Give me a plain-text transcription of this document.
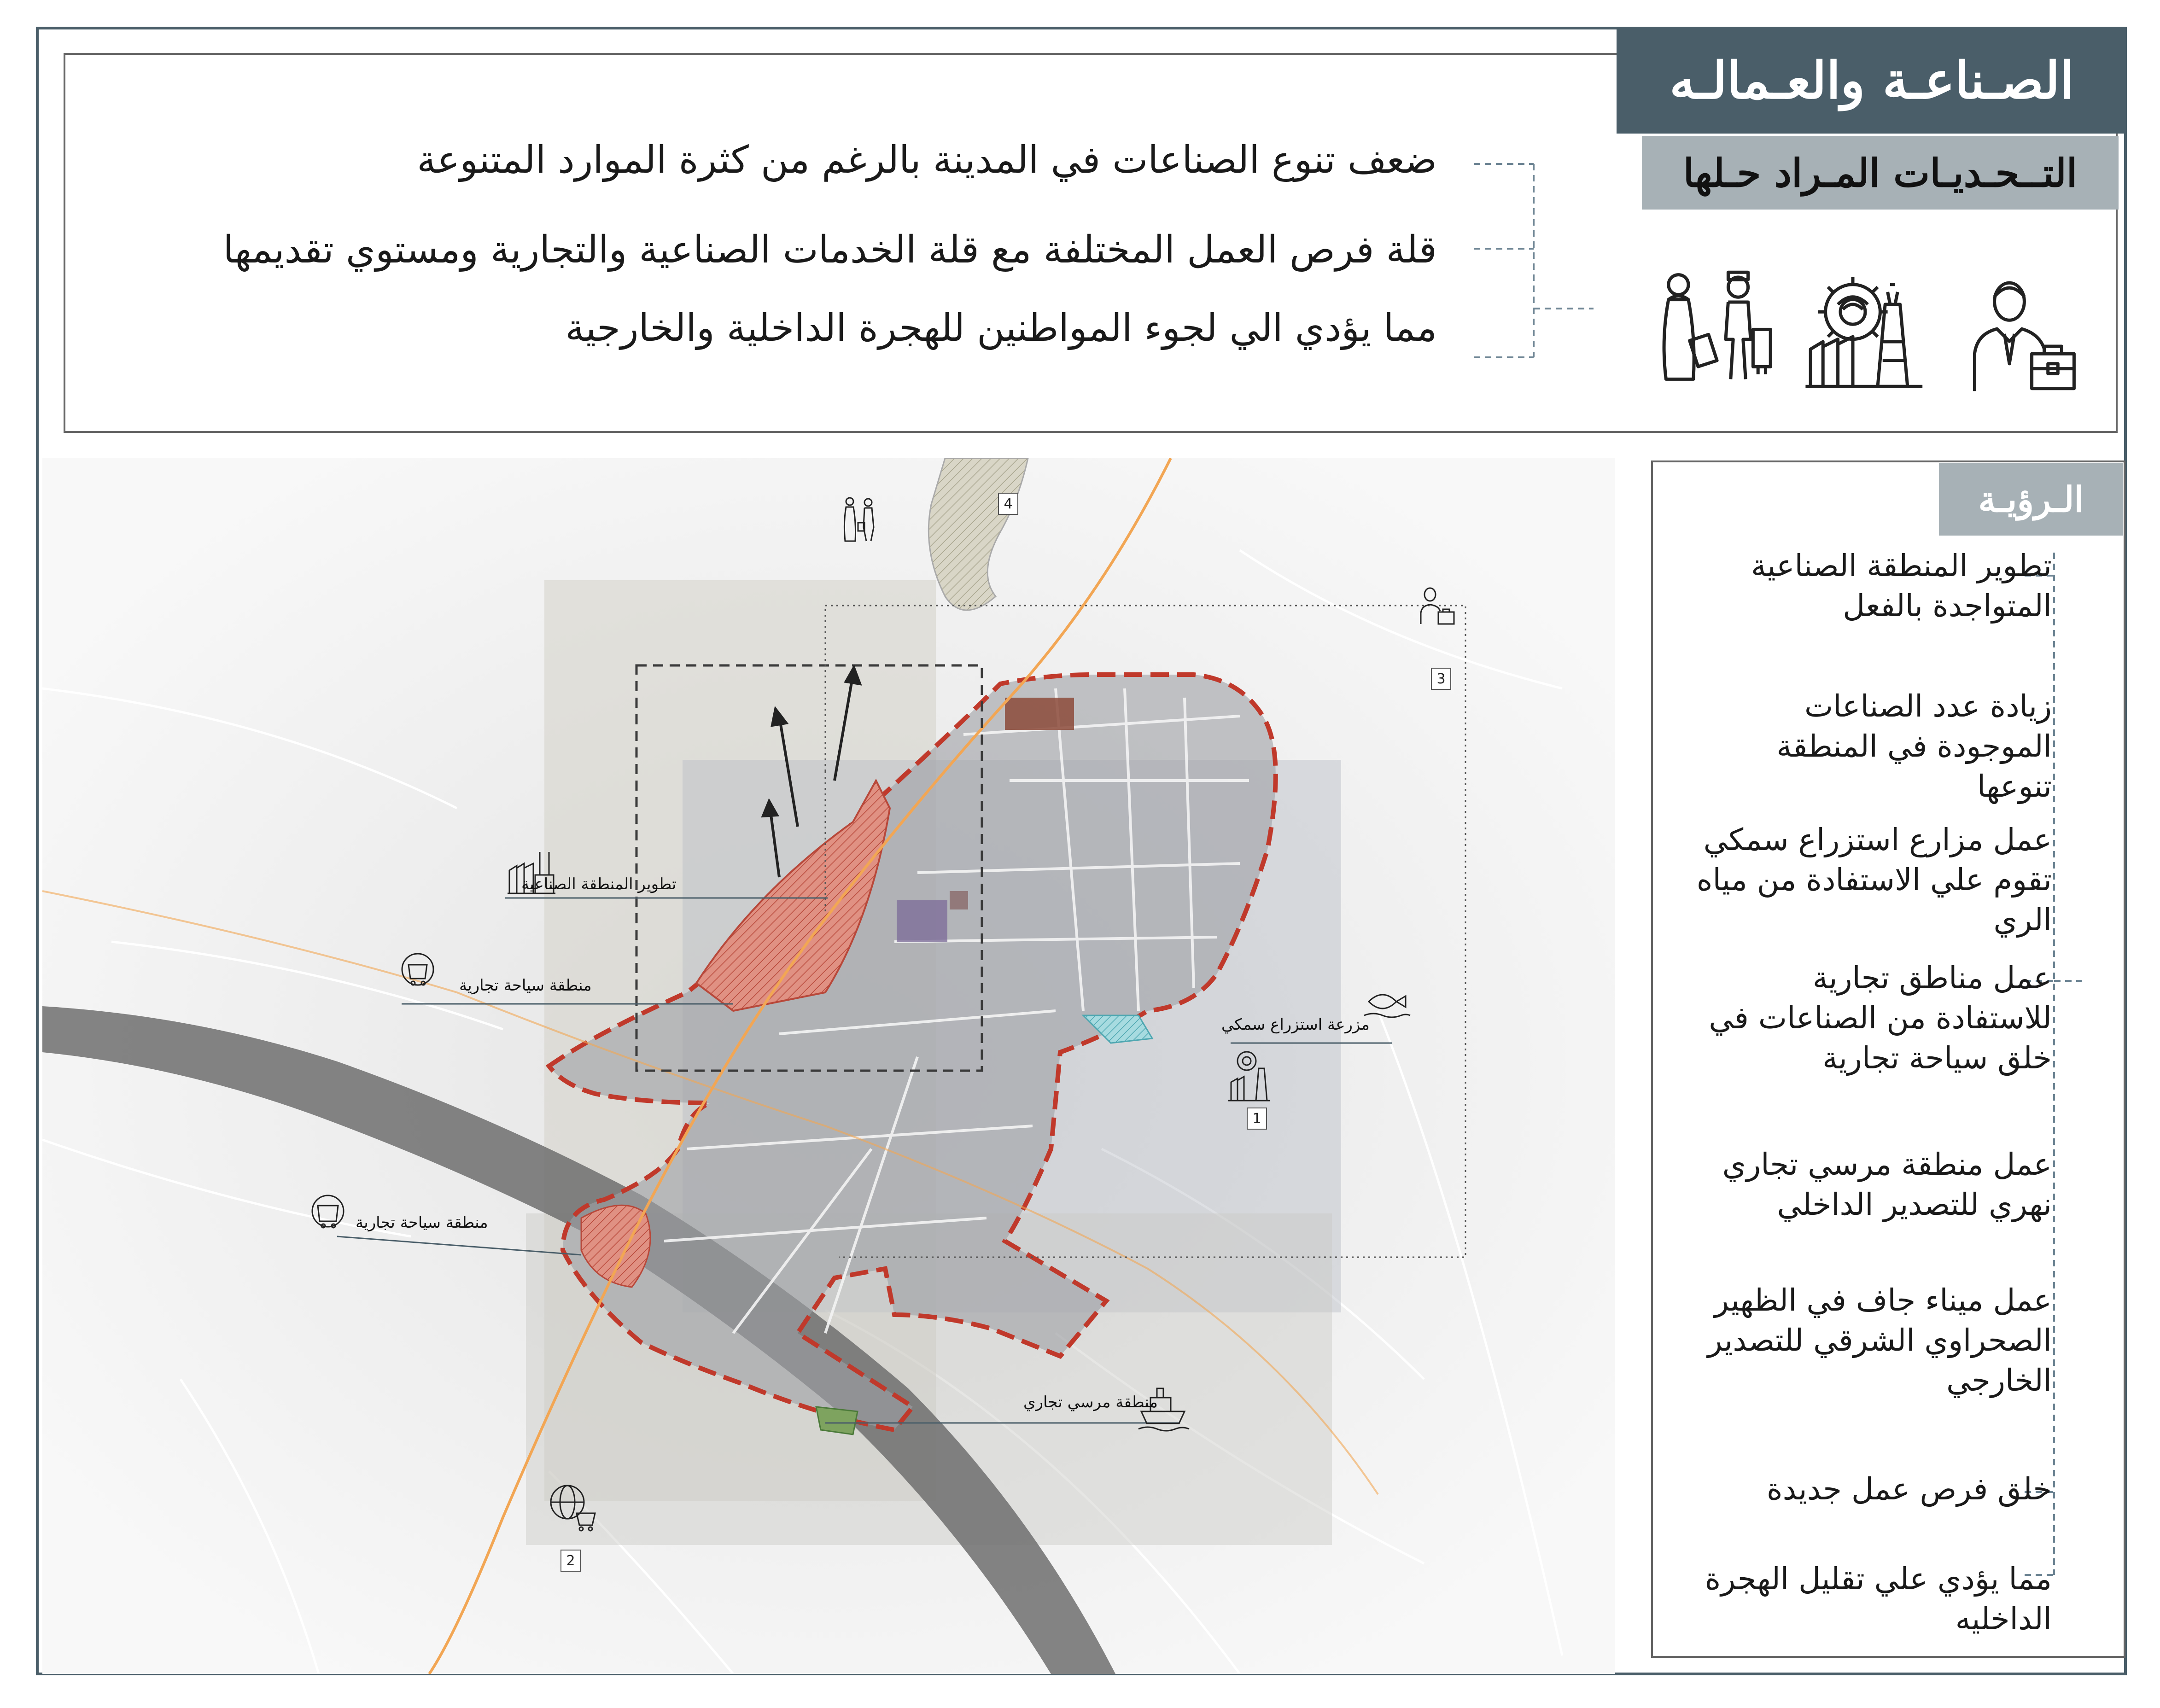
الصـناعـة والعـمالـه
التــحـديـات المـراد حـلها
ضعف تنوع الصناعات في المدينة بالرغم من كثرة الموارد المتنوعة
قلة فرص العمل المختلفة مع قلة الخدمات الصناعية والتجارية ومستوي تقديمها
مما يؤدي الي لجوء المواطنين للهجرة الداخلية والخارجية
تطوير المنطقة الصناعية
منطقة سياحة تجارية
مزرعة استزراع سمكي
منطقة سياحة تجارية
منطقة مرسي تجاري
1
2
3
4	الـرؤيـة
تطوير المنطقة الصناعية المتواجدة بالفعل
زيادة عدد الصناعات الموجودة في المنطقة تنوعها
عمل مزارع استزراع سمكي تقوم علي الاستفادة من مياه الري
عمل مناطق تجارية للاستفادة من الصناعات في خلق سياحة تجارية
عمل منطقة مرسي تجاري نهري للتصدير الداخلي
عمل ميناء جاف في الظهير الصحراوي الشرقي للتصدير الخارجي
خلق فرص عمل جديدة
مما يؤدي علي تقليل الهجرة الداخليه
